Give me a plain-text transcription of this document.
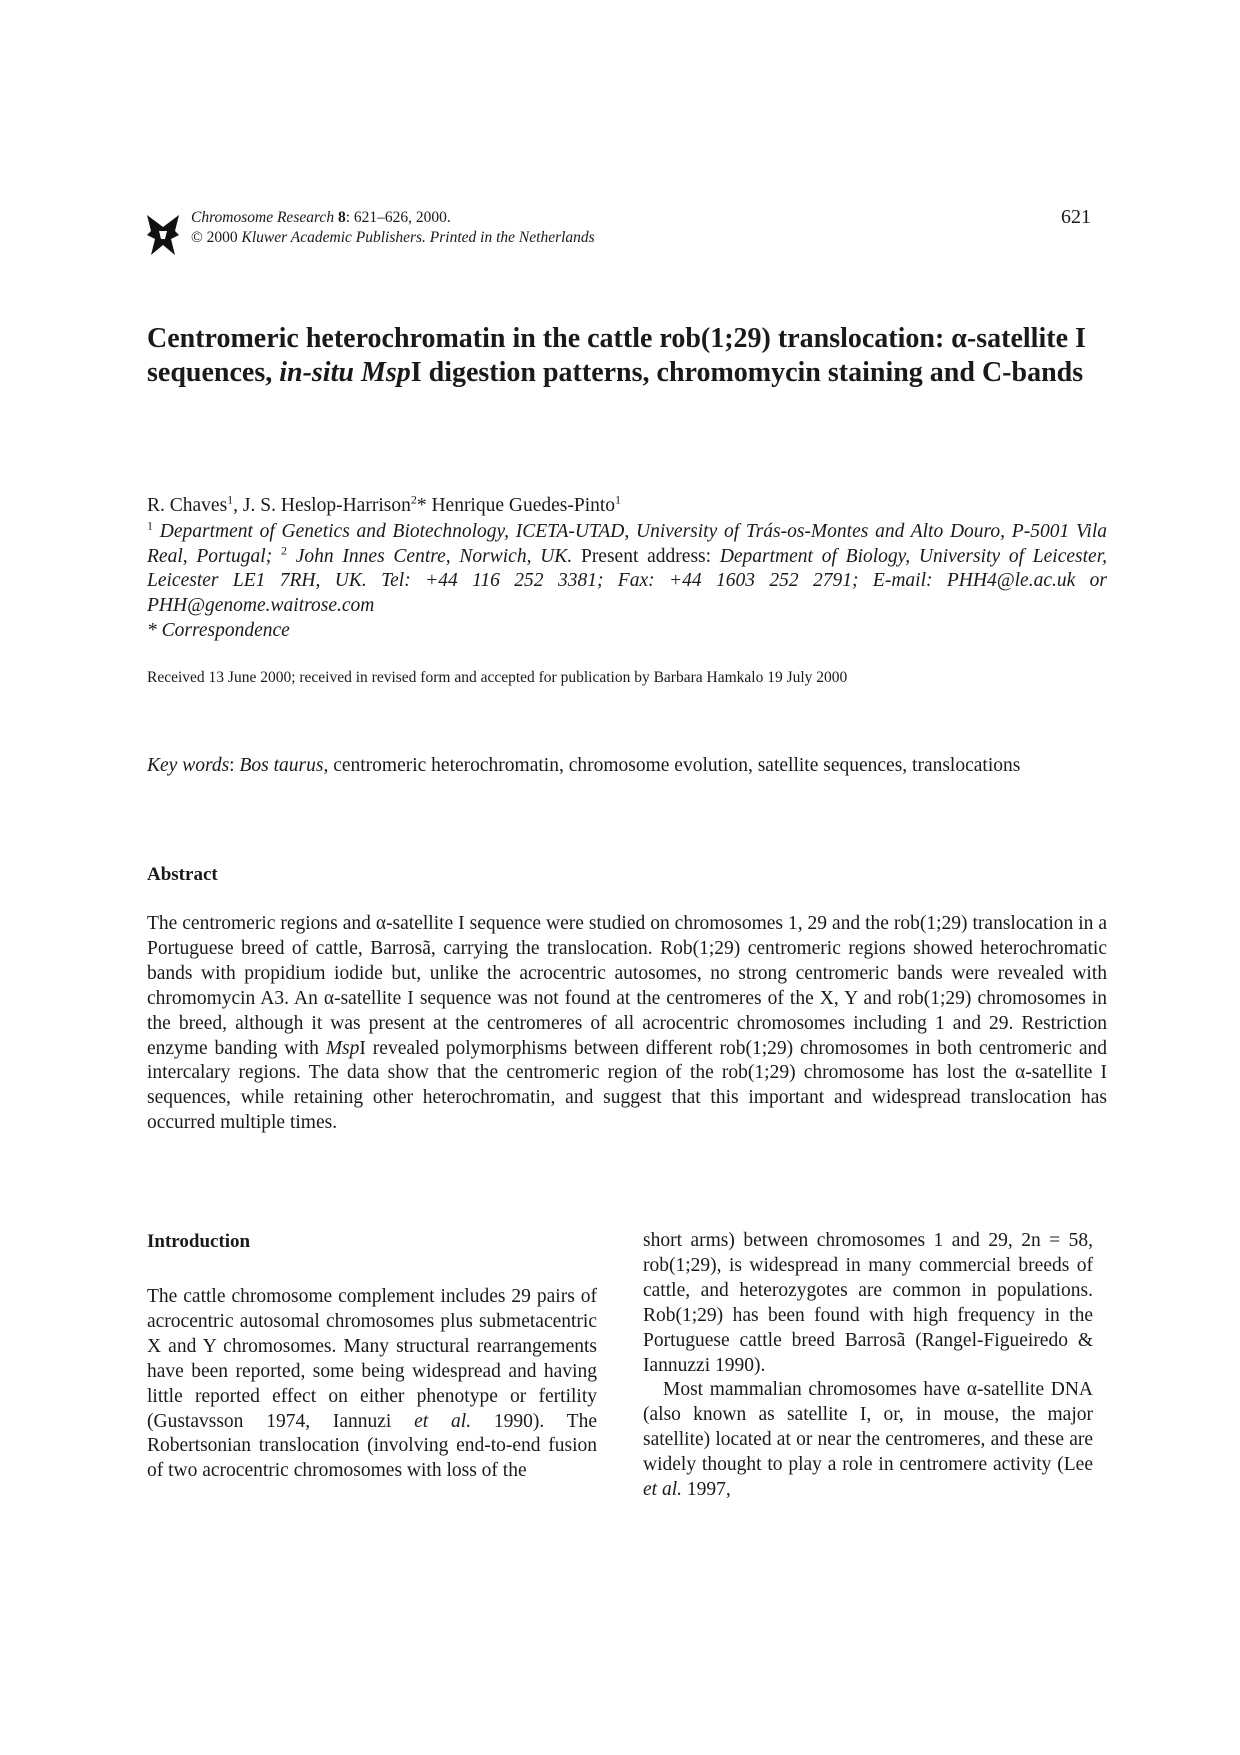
Chromosome Research 8: 621–626, 2000.
© 2000 Kluwer Academic Publishers. Printed in the Netherlands
621
Centromeric heterochromatin in the cattle rob(1;29) translocation: α-satellite I sequences, in-situ MspI digestion patterns, chromomycin staining and C-bands
R. Chaves$^1$, J. S. Heslop-Harrison$^2$* Henrique Guedes-Pinto$^1$
$^1$ Department of Genetics and Biotechnology, ICETA-UTAD, University of Trás-os-Montes and Alto Douro, P-5001 Vila Real, Portugal; $^2$ John Innes Centre, Norwich, UK. Present address: Department of Biology, University of Leicester, Leicester LE1 7RH, UK. Tel: +44 116 252 3381; Fax: +44 1603 252 2791; E-mail: PHH4@le.ac.uk or PHH@genome.waitrose.com
* Correspondence
Received 13 June 2000; received in revised form and accepted for publication by Barbara Hamkalo 19 July 2000
Key words: Bos taurus, centromeric heterochromatin, chromosome evolution, satellite sequences, translocations
Abstract
The centromeric regions and α-satellite I sequence were studied on chromosomes 1, 29 and the rob(1;29) translocation in a Portuguese breed of cattle, Barrosã, carrying the translocation. Rob(1;29) centromeric regions showed heterochromatic bands with propidium iodide but, unlike the acrocentric autosomes, no strong centromeric bands were revealed with chromomycin A3. An α-satellite I sequence was not found at the centromeres of the X, Y and rob(1;29) chromosomes in the breed, although it was present at the centromeres of all acrocentric chromosomes including 1 and 29. Restriction enzyme banding with MspI revealed polymorphisms between different rob(1;29) chromosomes in both centromeric and intercalary regions. The data show that the centromeric region of the rob(1;29) chromosome has lost the α-satellite I sequences, while retaining other heterochromatin, and suggest that this important and widespread translocation has occurred multiple times.
Introduction

The cattle chromosome complement includes 29 pairs of acrocentric autosomal chromosomes plus submetacentric X and Y chromosomes. Many structural rearrangements have been reported, some being widespread and having little reported effect on either phenotype or fertility (Gustavsson 1974, Iannuzi et al. 1990). The Robertsonian translocation (involving end-to-end fusion of two acrocentric chromosomes with loss of the

short arms) between chromosomes 1 and 29, 2n = 58, rob(1;29), is widespread in many commercial breeds of cattle, and heterozygotes are common in populations. Rob(1;29) has been found with high frequency in the Portuguese cattle breed Barrosã (Rangel-Figueiredo & Iannuzzi 1990).

Most mammalian chromosomes have α-satellite DNA (also known as satellite I, or, in mouse, the major satellite) located at or near the centromeres, and these are widely thought to play a role in centromere activity (Lee et al. 1997,
